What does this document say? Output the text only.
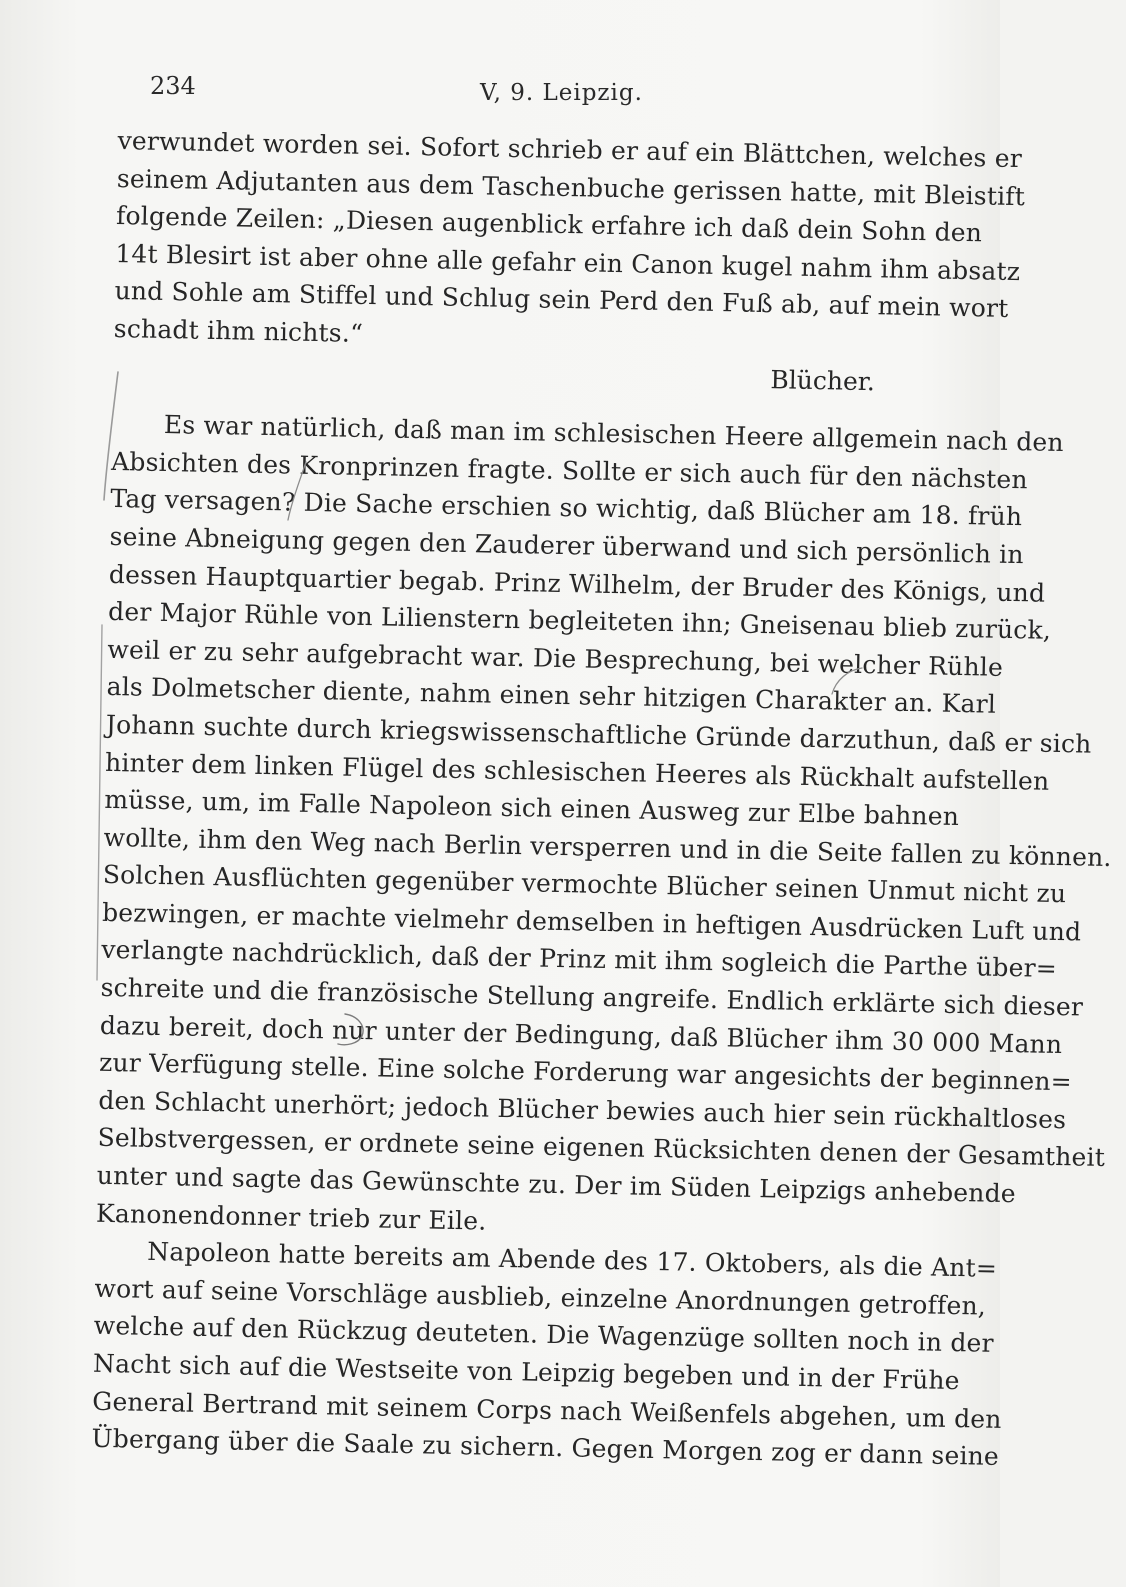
234	V, 9. Leipzig.
verwundet worden sei. Sofort schrieb er auf ein Blättchen, welches er
seinem Adjutanten aus dem Taschenbuche gerissen hatte, mit Bleistift
folgende Zeilen: „Diesen augenblick erfahre ich daß dein Sohn den
14t Blesirt ist aber ohne alle gefahr ein Canon kugel nahm ihm absatz
und Sohle am Stiffel und Schlug sein Perd den Fuß ab, auf mein wort
schadt ihm nichts.“
Blücher.
Es war natürlich, daß man im schlesischen Heere allgemein nach den
Absichten des Kronprinzen fragte. Sollte er sich auch für den nächsten
Tag versagen? Die Sache erschien so wichtig, daß Blücher am 18. früh
seine Abneigung gegen den Zauderer überwand und sich persönlich in
dessen Hauptquartier begab. Prinz Wilhelm, der Bruder des Königs, und
der Major Rühle von Lilienstern begleiteten ihn; Gneisenau blieb zurück,
weil er zu sehr aufgebracht war. Die Besprechung, bei welcher Rühle
als Dolmetscher diente, nahm einen sehr hitzigen Charakter an. Karl
Johann suchte durch kriegswissenschaftliche Gründe darzuthun, daß er sich
hinter dem linken Flügel des schlesischen Heeres als Rückhalt aufstellen
müsse, um, im Falle Napoleon sich einen Ausweg zur Elbe bahnen
wollte, ihm den Weg nach Berlin versperren und in die Seite fallen zu können.
Solchen Ausflüchten gegenüber vermochte Blücher seinen Unmut nicht zu
bezwingen, er machte vielmehr demselben in heftigen Ausdrücken Luft und
verlangte nachdrücklich, daß der Prinz mit ihm sogleich die Parthe über=
schreite und die französische Stellung angreife. Endlich erklärte sich dieser
dazu bereit, doch nur unter der Bedingung, daß Blücher ihm 30 000 Mann
zur Verfügung stelle. Eine solche Forderung war angesichts der beginnen=
den Schlacht unerhört; jedoch Blücher bewies auch hier sein rückhaltloses
Selbstvergessen, er ordnete seine eigenen Rücksichten denen der Gesamtheit
unter und sagte das Gewünschte zu. Der im Süden Leipzigs anhebende
Kanonendonner trieb zur Eile.
Napoleon hatte bereits am Abende des 17. Oktobers, als die Ant=
wort auf seine Vorschläge ausblieb, einzelne Anordnungen getroffen,
welche auf den Rückzug deuteten. Die Wagenzüge sollten noch in der
Nacht sich auf die Westseite von Leipzig begeben und in der Frühe
General Bertrand mit seinem Corps nach Weißenfels abgehen, um den
Übergang über die Saale zu sichern. Gegen Morgen zog er dann seine
